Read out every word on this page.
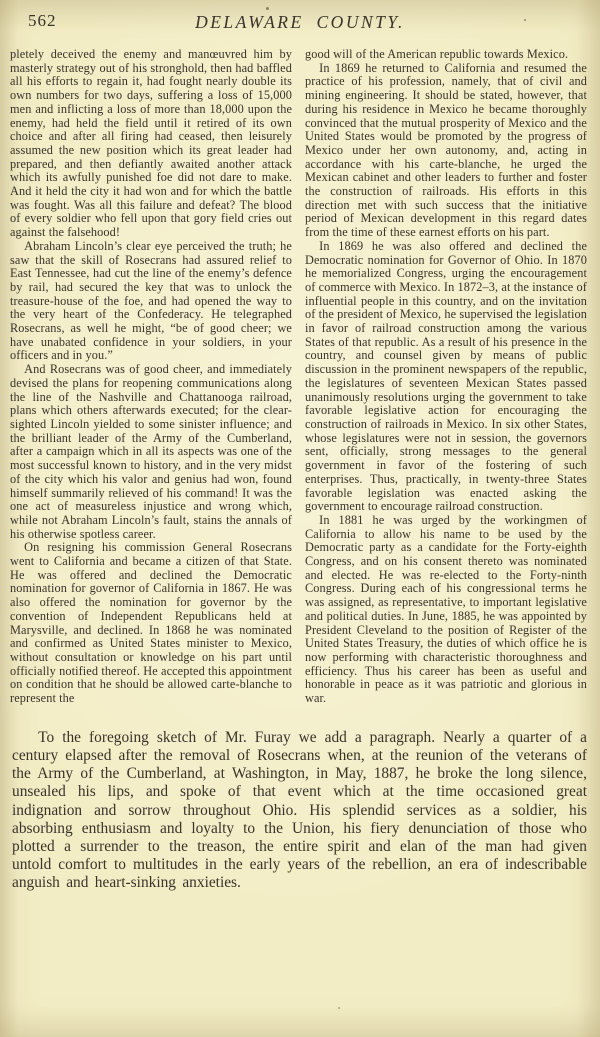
562	DELAWARE COUNTY.

pletely deceived the enemy and manœuvred him by masterly strategy out of his stronghold, then had baffled all his efforts to regain it, had fought nearly double its own numbers for two days, suffering a loss of 15,000 men and inflicting a loss of more than 18,000 upon the enemy, had held the field until it retired of its own choice and after all firing had ceased, then leisurely assumed the new position which its great leader had prepared, and then defiantly awaited another attack which its awfully punished foe did not dare to make. And it held the city it had won and for which the battle was fought. Was all this failure and defeat? The blood of every soldier who fell upon that gory field cries out against the falsehood!

Abraham Lincoln’s clear eye perceived the truth; he saw that the skill of Rosecrans had assured relief to East Tennessee, had cut the line of the enemy’s defence by rail, had secured the key that was to unlock the treasure-house of the foe, and had opened the way to the very heart of the Confederacy. He telegraphed Rosecrans, as well he might, “be of good cheer; we have unabated confidence in your soldiers, in your officers and in you.”

And Rosecrans was of good cheer, and immediately devised the plans for reopening communications along the line of the Nashville and Chattanooga railroad, plans which others afterwards executed; for the clear-sighted Lincoln yielded to some sinister influence; and the brilliant leader of the Army of the Cumberland, after a campaign which in all its aspects was one of the most successful known to history, and in the very midst of the city which his valor and genius had won, found himself summarily relieved of his command! It was the one act of measureless injustice and wrong which, while not Abraham Lincoln’s fault, stains the annals of his otherwise spotless career.

On resigning his commission General Rosecrans went to California and became a citizen of that State. He was offered and declined the Democratic nomination for governor of California in 1867. He was also offered the nomination for governor by the convention of Independent Republicans held at Marysville, and declined. In 1868 he was nominated and confirmed as United States minister to Mexico, without consultation or knowledge on his part until officially notified thereof. He accepted this appointment on condition that he should be allowed carte-blanche to represent the

good will of the American republic towards Mexico.

In 1869 he returned to California and resumed the practice of his profession, namely, that of civil and mining engineering. It should be stated, however, that during his residence in Mexico he became thoroughly convinced that the mutual prosperity of Mexico and the United States would be promoted by the progress of Mexico under her own autonomy, and, acting in accordance with his carte-blanche, he urged the Mexican cabinet and other leaders to further and foster the construction of railroads. His efforts in this direction met with such success that the initiative period of Mexican development in this regard dates from the time of these earnest efforts on his part.

In 1869 he was also offered and declined the Democratic nomination for Governor of Ohio. In 1870 he memorialized Congress, urging the encouragement of commerce with Mexico. In 1872–3, at the instance of influential people in this country, and on the invitation of the president of Mexico, he supervised the legislation in favor of railroad construction among the various States of that republic. As a result of his presence in the country, and counsel given by means of public discussion in the prominent newspapers of the republic, the legislatures of seventeen Mexican States passed unanimously resolutions urging the government to take favorable legislative action for encouraging the construction of railroads in Mexico. In six other States, whose legislatures were not in session, the governors sent, officially, strong messages to the general government in favor of the fostering of such enterprises. Thus, practically, in twenty-three States favorable legislation was enacted asking the government to encourage railroad construction.

In 1881 he was urged by the workingmen of California to allow his name to be used by the Democratic party as a candidate for the Forty-eighth Congress, and on his consent thereto was nominated and elected. He was re-elected to the Forty-ninth Congress. During each of his congressional terms he was assigned, as representative, to important legislative and political duties. In June, 1885, he was appointed by President Cleveland to the position of Register of the United States Treasury, the duties of which office he is now performing with characteristic thoroughness and efficiency. Thus his career has been as useful and honorable in peace as it was patriotic and glorious in war.

To the foregoing sketch of Mr. Furay we add a paragraph. Nearly a quarter of a century elapsed after the removal of Rosecrans when, at the reunion of the veterans of the Army of the Cumberland, at Washington, in May, 1887, he broke the long silence, unsealed his lips, and spoke of that event which at the time occasioned great indignation and sorrow throughout Ohio. His splendid services as a soldier, his absorbing enthusiasm and loyalty to the Union, his fiery denunciation of those who plotted a surrender to the treason, the entire spirit and elan of the man had given untold comfort to multitudes in the early years of the rebellion, an era of indescribable anguish and heart-sinking anxieties.
